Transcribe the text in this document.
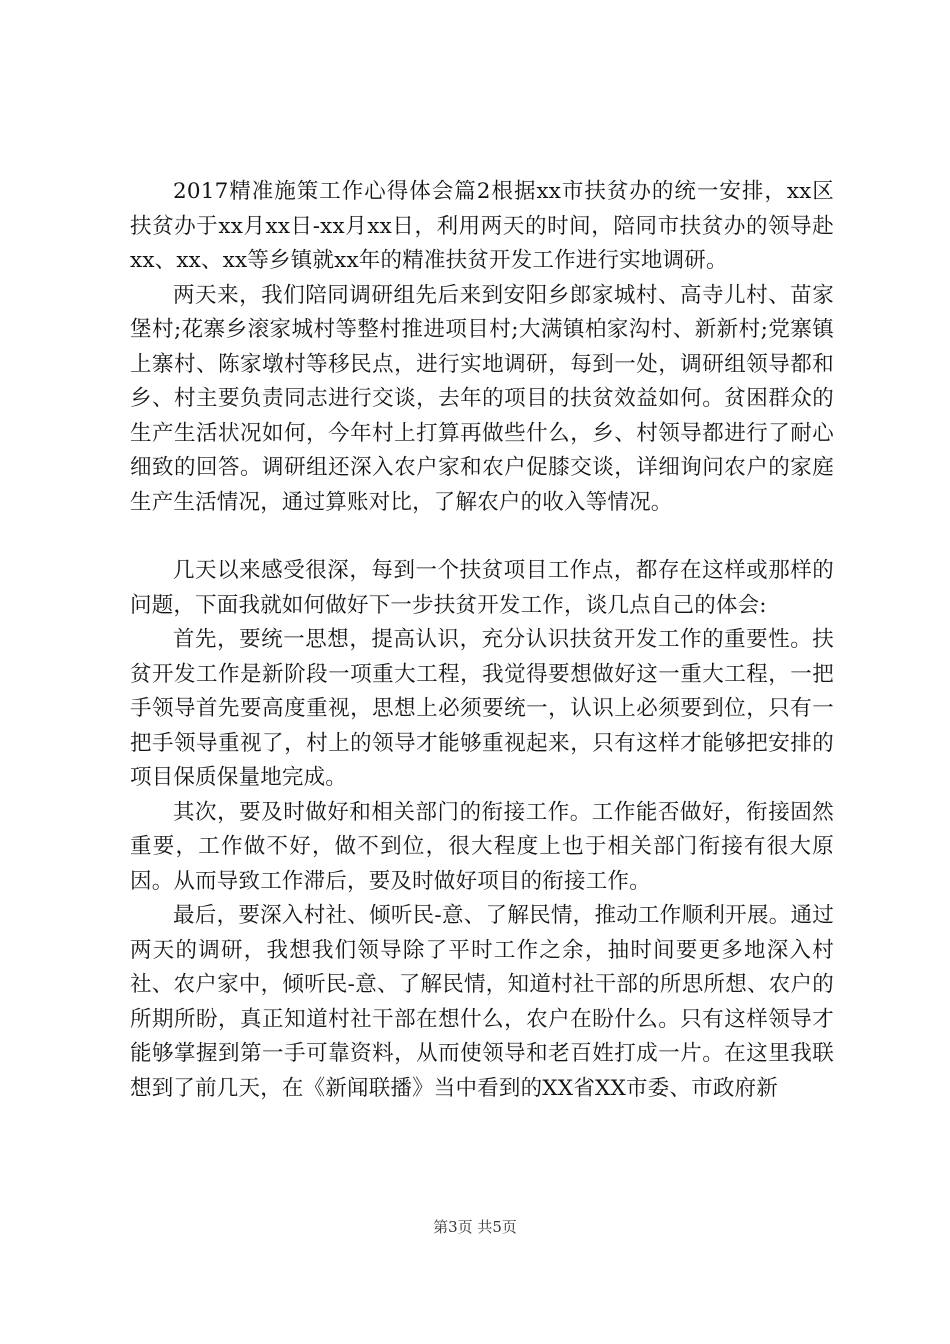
2017精准施策工作心得体会篇2根据xx市扶贫办的统一安排，xx区扶贫办于xx月xx日-xx月xx日，利用两天的时间，陪同市扶贫办的领导赴xx、xx、xx等乡镇就xx年的精准扶贫开发工作进行实地调研。

两天来，我们陪同调研组先后来到安阳乡郎家城村、高寺儿村、苗家堡村;花寨乡滚家城村等整村推进项目村;大满镇柏家沟村、新新村;党寨镇上寨村、陈家墩村等移民点，进行实地调研，每到一处，调研组领导都和乡、村主要负责同志进行交谈，去年的项目的扶贫效益如何。贫困群众的生产生活状况如何，今年村上打算再做些什么，乡、村领导都进行了耐心细致的回答。调研组还深入农户家和农户促膝交谈，详细询问农户的家庭生产生活情况，通过算账对比，了解农户的收入等情况。

几天以来感受很深，每到一个扶贫项目工作点，都存在这样或那样的问题，下面我就如何做好下一步扶贫开发工作，谈几点自己的体会:

首先，要统一思想，提高认识，充分认识扶贫开发工作的重要性。扶贫开发工作是新阶段一项重大工程，我觉得要想做好这一重大工程，一把手领导首先要高度重视，思想上必须要统一，认识上必须要到位，只有一把手领导重视了，村上的领导才能够重视起来，只有这样才能够把安排的项目保质保量地完成。

其次，要及时做好和相关部门的衔接工作。工作能否做好，衔接固然重要，工作做不好，做不到位，很大程度上也于相关部门衔接有很大原因。从而导致工作滞后，要及时做好项目的衔接工作。

最后，要深入村社、倾听民-意、了解民情，推动工作顺利开展。通过两天的调研，我想我们领导除了平时工作之余，抽时间要更多地深入村社、农户家中，倾听民-意、了解民情，知道村社干部的所思所想、农户的所期所盼，真正知道村社干部在想什么，农户在盼什么。只有这样领导才能够掌握到第一手可靠资料，从而使领导和老百姓打成一片。在这里我联想到了前几天，在《新闻联播》当中看到的XX省XX市委、市政府新

第3页 共5页
